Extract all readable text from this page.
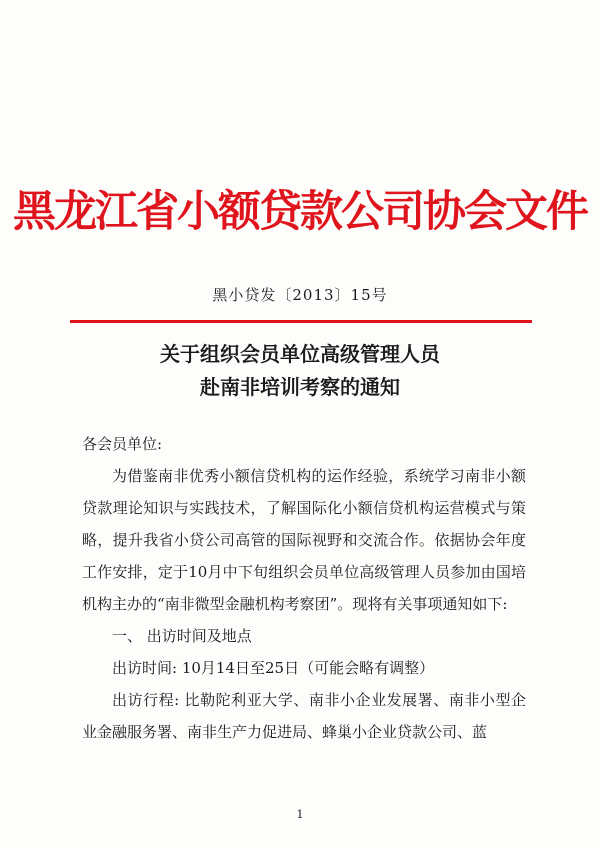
黑龙江省小额贷款公司协会文件
黑小贷发〔2013〕15号
关于组织会员单位高级管理人员
赴南非培训考察的通知

各会员单位:

为借鉴南非优秀小额信贷机构的运作经验，系统学习南非小额贷款理论知识与实践技术，了解国际化小额信贷机构运营模式与策略，提升我省小贷公司高管的国际视野和交流合作。依据协会年度工作安排，定于10月中下旬组织会员单位高级管理人员参加由国培机构主办的“南非微型金融机构考察团”。现将有关事项通知如下:

一、 出访时间及地点

出访时间: 10月14日至25日（可能会略有调整）

出访行程: 比勒陀利亚大学、南非小企业发展署、南非小型企业金融服务署、南非生产力促进局、蜂巢小企业贷款公司、蓝

1
